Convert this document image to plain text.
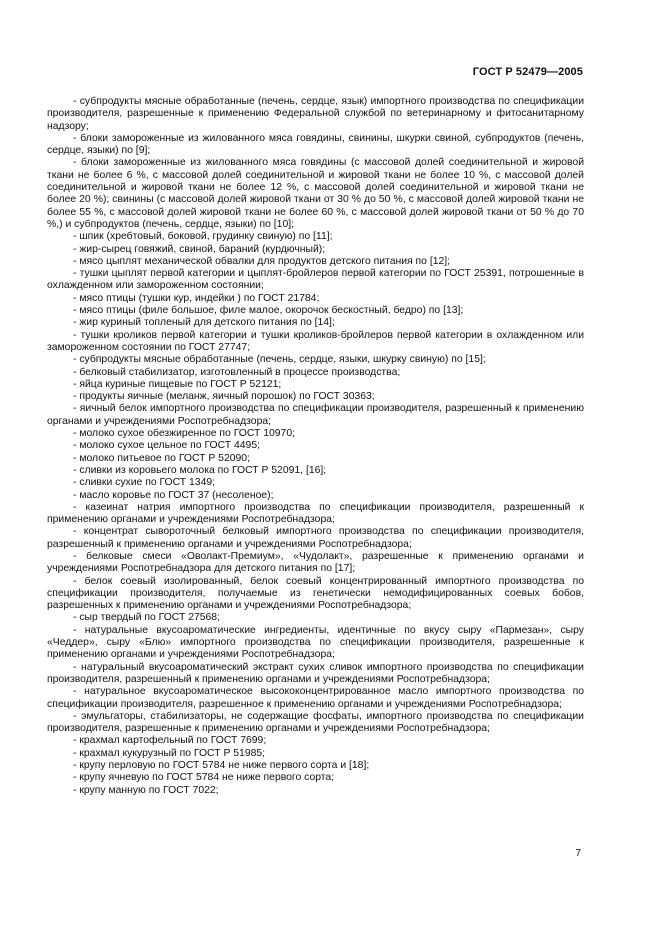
ГОСТ Р 52479—2005

- субпродукты мясные обработанные (печень, сердце, язык) импортного производства по спецификации производителя, разрешенные к применению Федеральной службой по ветеринарному и фитосанитарному надзору;

- блоки замороженные из жилованного мяса говядины, свинины, шкурки свиной, субпродуктов (печень, сердце, языки) по [9];

- блоки замороженные из жилованного мяса говядины (с массовой долей соединительной и жировой ткани не более 6 %, с массовой долей соединительной и жировой ткани не более 10 %, с массовой долей соединительной и жировой ткани не более 12 %, с массовой долей соединительной и жировой ткани не более 20 %); свинины (с массовой долей жировой ткани от 30 % до 50 %, с массовой долей жировой ткани не более 55 %, с массовой долей жировой ткани не более 60 %, с массовой долей жировой ткани от 50 % до 70 %,) и субпродуктов (печень, сердце, языки) по [10];

- шпик (хребтовый, боковой, грудинку свиную) по [11];

- жир-сырец говяжий, свиной, бараний (курдючный);

- мясо цыплят механической обвалки для продуктов детского питания по [12];

- тушки цыплят первой категории и цыплят-бройлеров первой категории по ГОСТ 25391, потрошенные в охлажденном или замороженном состоянии;

- мясо птицы (тушки кур, индейки ) по ГОСТ 21784;

- мясо птицы (филе большое, филе малое, окорочок бескостный, бедро) по [13];

- жир куриный топленый для детского питания по [14];

- тушки кроликов первой категории и тушки кроликов-бройлеров первой категории в охлажденном или замороженном состоянии по ГОСТ 27747;

- субпродукты мясные обработанные (печень, сердце, языки, шкурку свиную) по [15];

- белковый стабилизатор, изготовленный в процессе производства;

- яйца куриные пищевые по ГОСТ Р 52121;

- продукты яичные (меланж, яичный порошок) по ГОСТ 30363;

- яичный белок импортного производства по спецификации производителя, разрешенный к применению органами и учреждениями Роспотребнадзора;

- молоко сухое обезжиренное по ГОСТ 10970;

- молоко сухое цельное по ГОСТ 4495;

- молоко питьевое по ГОСТ Р 52090;

- сливки из коровьего молока по ГОСТ Р 52091, [16];

- сливки сухие по ГОСТ 1349;

- масло коровье по ГОСТ 37 (несоленое);

- казеинат натрия импортного производства по спецификации производителя, разрешенный к применению органами и учреждениями Роспотребнадзора;

- концентрат сывороточный белковый импортного производства по спецификации производителя, разрешенный к применению органами и учреждениями Роспотребнадзора;

- белковые смеси «Оволакт-Премиум», «Чудолакт», разрешенные к применению органами и учреждениями Роспотребнадзора для детского питания по [17];

- белок соевый изолированный, белок соевый концентрированный импортного производства по спецификации производителя, получаемые из генетически немодифицированных соевых бобов, разрешенных к применению органами и учреждениями Роспотребнадзора;

- сыр твердый по ГОСТ 27568;

- натуральные вкусоароматические ингредиенты, идентичные по вкусу сыру «Пармезан», сыру «Чеддер», сыру «Блю» импортного производства по спецификации производителя, разрешенные к применению органами и учреждениями Роспотребнадзора;

- натуральный вкусоароматический экстракт сухих сливок импортного производства по спецификации производителя, разрешенный к применению органами и учреждениями Роспотребнадзора;

- натуральное вкусоароматическое высококонцентрированное масло импортного производства по спецификации производителя, разрешенное к применению органами и учреждениями Роспотребнадзора;

- эмульгаторы, стабилизаторы, не содержащие фосфаты, импортного производства по спецификации производителя, разрешенные к применению органами и учреждениями Роспотребнадзора;

- крахмал картофельный по ГОСТ 7699;

- крахмал кукурузный по ГОСТ Р 51985;

- крупу перловую по ГОСТ 5784 не ниже первого сорта и [18];

- крупу ячневую по ГОСТ 5784 не ниже первого сорта;

- крупу манную по ГОСТ 7022;

7
